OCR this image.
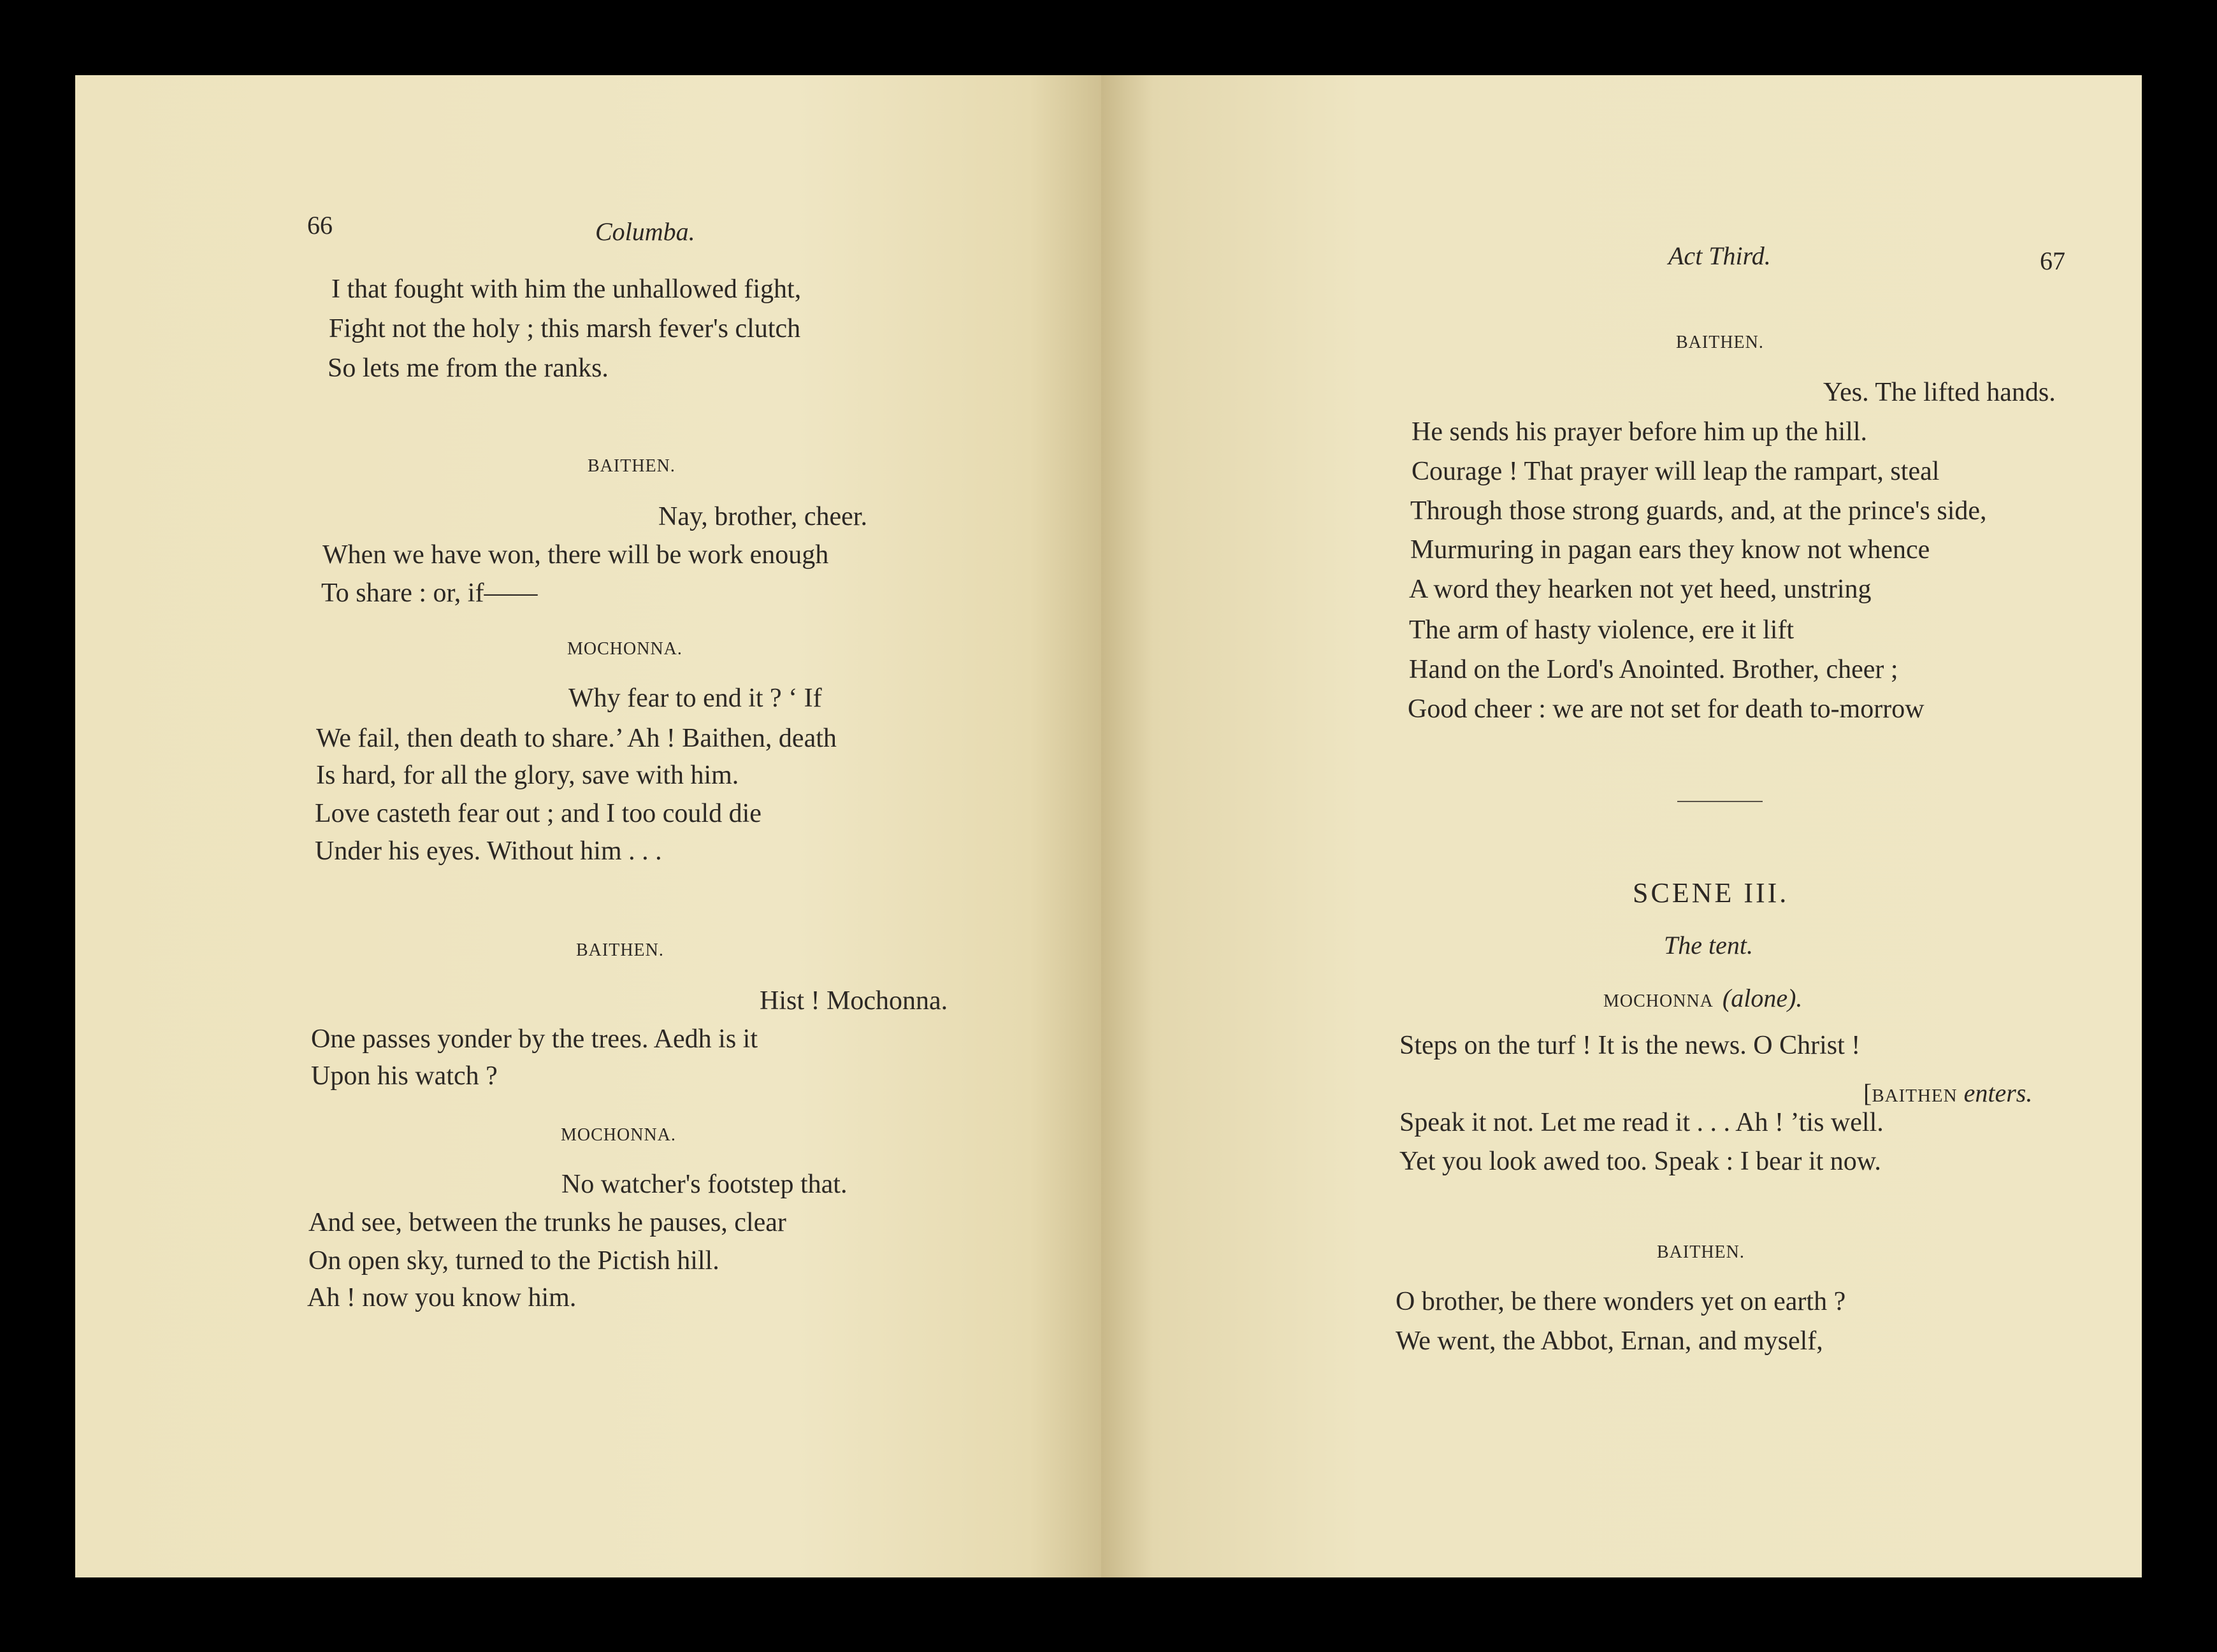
66	Columba.
I that fought with him the unhallowed fight,
Fight not the holy ; this marsh fever's clutch
So lets me from the ranks.
BAITHEN.
Nay, brother, cheer.
When we have won, there will be work enough
To share : or, if——
MOCHONNA.
Why fear to end it ? ‘ If
We fail, then death to share.’ Ah ! Baithen, death
Is hard, for all the glory, save with him.
Love casteth fear out ; and I too could die
Under his eyes. Without him . . .
BAITHEN.
Hist ! Mochonna.
One passes yonder by the trees. Aedh is it
Upon his watch ?
MOCHONNA.
No watcher's footstep that.
And see, between the trunks he pauses, clear
On open sky, turned to the Pictish hill.
Ah ! now you know him.
Act Third.	67
BAITHEN.
Yes. The lifted hands.
He sends his prayer before him up the hill.
Courage ! That prayer will leap the rampart, steal
Through those strong guards, and, at the prince's side,
Murmuring in pagan ears they know not whence
A word they hearken not yet heed, unstring
The arm of hasty violence, ere it lift
Hand on the Lord's Anointed. Brother, cheer ;
Good cheer : we are not set for death to-morrow
SCENE III.
The tent.
MOCHONNA (alone).
Steps on the turf ! It is the news. O Christ !
[BAITHEN enters.
Speak it not. Let me read it . . . Ah ! ’tis well.
Yet you look awed too. Speak : I bear it now.
BAITHEN.
O brother, be there wonders yet on earth ?
We went, the Abbot, Ernan, and myself,
